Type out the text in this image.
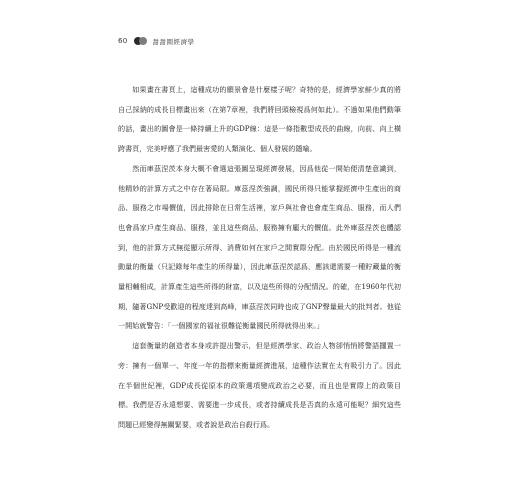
60	甜甜圈經濟學

如果畫在書頁上，這種成功的願景會是什麼樣子呢？奇特的是，經濟學家鮮少真的將自己採納的成長目標畫出來（在第7章裡，我們將回頭檢視爲何如此）。不過如果他們動筆的話，畫出的圖會是一條持續上升的GDP線：這是一條指數型成長的曲線，向前、向上橫跨書頁，完美呼應了我們最害愛的人類演化、個人發展的隱喻。

然而庫茲涅茨本身大概不會選這張圖呈現經濟發展，因爲他從一開始便清楚意識到，他精妙的計算方式之中存在著局限。庫茲涅茨強調，國民所得只能掌握經濟中生產出的商品、服務之市場價值，因此排除在日常生活裡，家戶與社會也會產生商品、服務，而人們也會爲家戶產生商品、服務，並且這些商品、服務擁有龐大的價值。此外庫茲涅茨也體認到，他的計算方式無從顯示所得、消費如何在家戶之間實際分配。由於國民所得是一種流動量的衡量（只記錄每年產生的所得量），因此庫茲涅茨認爲，應該還需要一種貯藏量的衡量相輔相成，計算產生這些所得的財富，以及這些所得的分配情況。的確，在1960年代初期，隨著GNP受歡迎的程度達到高峰，庫茲涅茨同時也成了GNP聲量最大的批判者。他從一開始就警告：「一個國家的福祉很難從衡量國民所得就得出來。」

這套衡量的創造者本身或許提出警示，但是經濟學家、政治人物卻悄悄將警語擱置一旁：擁有一個單一、年度一年的指標來衡量經濟進展，這種作法實在太有吸引力了。因此在半個世紀裡，GDP成長從原本的政策選項變成政治之必要，而且也是實際上的政策目標。我們是否永遠想要、需要進一步成長，或者持續成長是否真的永遠可能呢？細究這些問題已經變得無關緊要，或者說是政治自殺行爲。
